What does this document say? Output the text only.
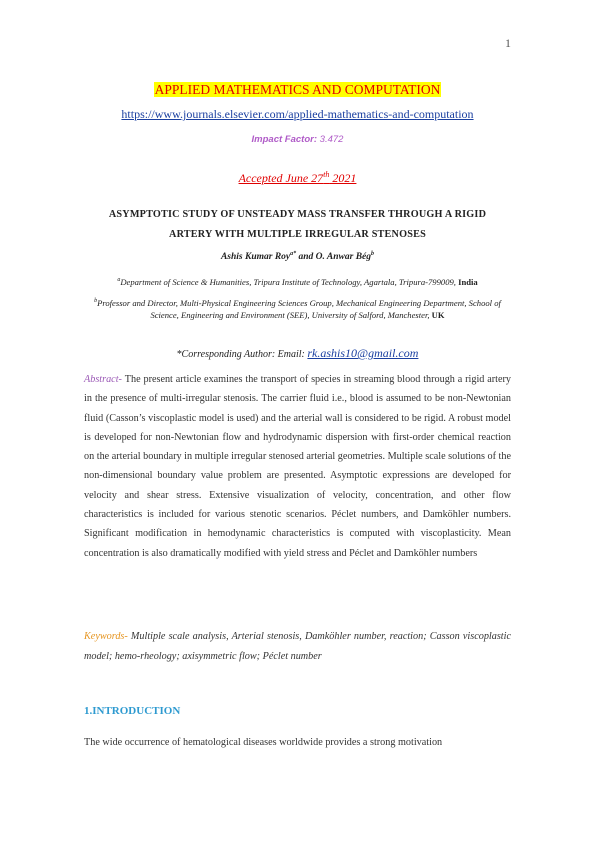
1
APPLIED MATHEMATICS AND COMPUTATION
https://www.journals.elsevier.com/applied-mathematics-and-computation
Impact Factor: 3.472
Accepted June 27th 2021
ASYMPTOTIC STUDY OF UNSTEADY MASS TRANSFER THROUGH A RIGID ARTERY WITH MULTIPLE IRREGULAR STENOSES
Ashis Kumar Roy$^{a*}$ and O. Anwar Bég$^b$
$^a$Department of Science & Humanities, Tripura Institute of Technology, Agartala, Tripura-799009, India
$^b$Professor and Director, Multi-Physical Engineering Sciences Group, Mechanical Engineering Department, School of Science, Engineering and Environment (SEE), University of Salford, Manchester, UK
*Corresponding Author: Email: rk.ashis10@gmail.com
Abstract- The present article examines the transport of species in streaming blood through a rigid artery in the presence of multi-irregular stenosis. The carrier fluid i.e., blood is assumed to be non-Newtonian fluid (Casson’s viscoplastic model is used) and the arterial wall is considered to be rigid. A robust model is developed for non-Newtonian flow and hydrodynamic dispersion with first-order chemical reaction on the arterial boundary in multiple irregular stenosed arterial geometries. Multiple scale solutions of the non-dimensional boundary value problem are presented. Asymptotic expressions are developed for velocity and shear stress. Extensive visualization of velocity, concentration, and other flow characteristics is included for various stenotic scenarios. Péclet numbers, and Damköhler numbers. Significant modification in hemodynamic characteristics is computed with viscoplasticity. Mean concentration is also dramatically modified with yield stress and Péclet and Damköhler numbers
Keywords- Multiple scale analysis, Arterial stenosis, Damköhler number, reaction; Casson viscoplastic model; hemo-rheology; axisymmetric flow; Péclet number
1.INTRODUCTION
The wide occurrence of hematological diseases worldwide provides a strong motivation
